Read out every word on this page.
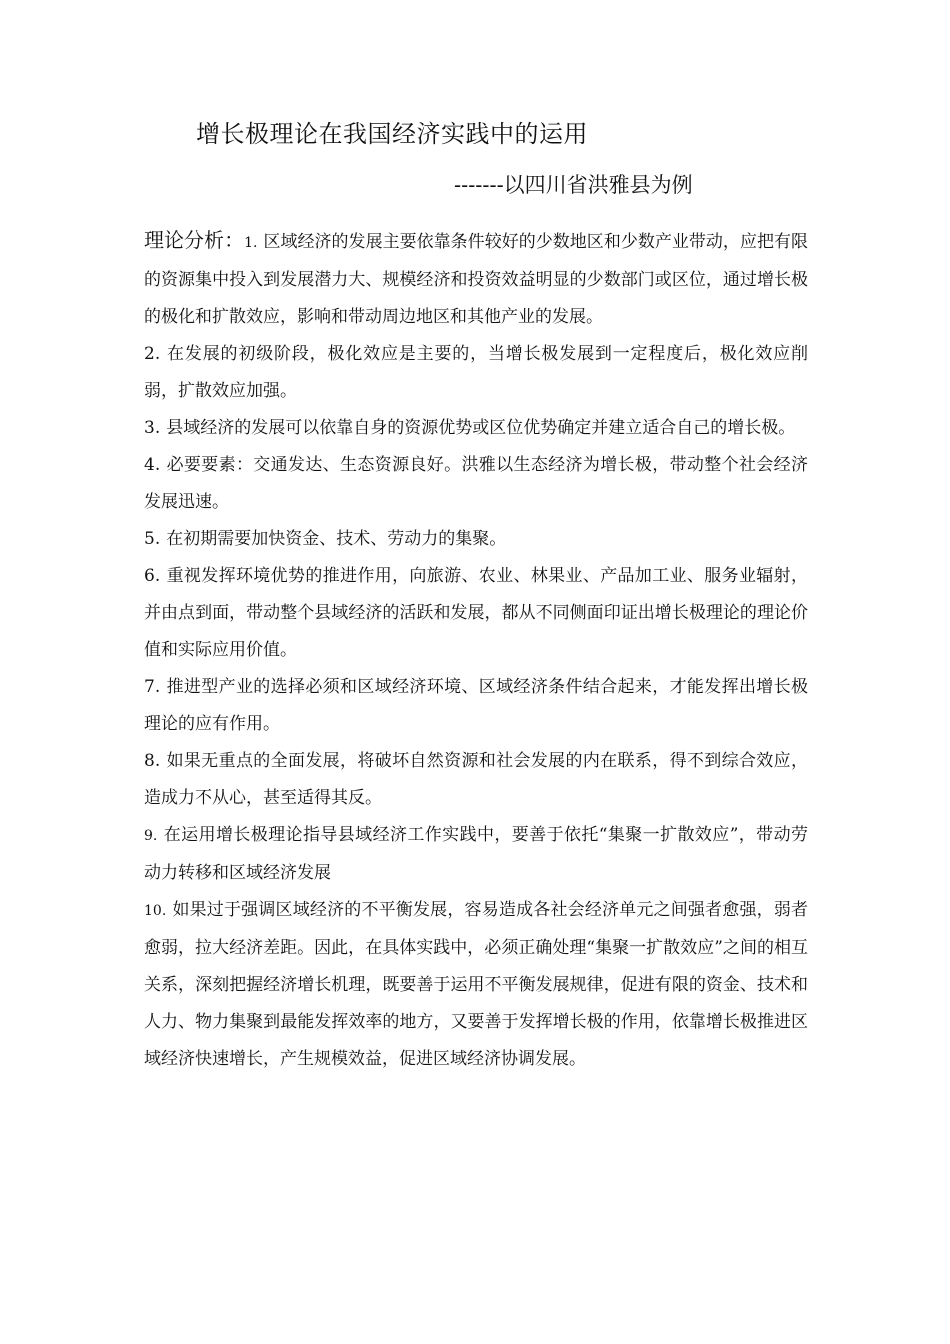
增长极理论在我国经济实践中的运用
-------以四川省洪雅县为例

理论分析：1. 区域经济的发展主要依靠条件较好的少数地区和少数产业带动，应把有限的资源集中投入到发展潜力大、规模经济和投资效益明显的少数部门或区位，通过增长极的极化和扩散效应，影响和带动周边地区和其他产业的发展。

2. 在发展的初级阶段，极化效应是主要的，当增长极发展到一定程度后，极化效应削弱，扩散效应加强。

3. 县域经济的发展可以依靠自身的资源优势或区位优势确定并建立适合自己的增长极。

4. 必要要素：交通发达、生态资源良好。洪雅以生态经济为增长极，带动整个社会经济发展迅速。

5. 在初期需要加快资金、技术、劳动力的集聚。

6. 重视发挥环境优势的推进作用，向旅游、农业、林果业、产品加工业、服务业辐射，并由点到面，带动整个县域经济的活跃和发展，都从不同侧面印证出增长极理论的理论价值和实际应用价值。

7. 推进型产业的选择必须和区域经济环境、区域经济条件结合起来，才能发挥出增长极理论的应有作用。

8. 如果无重点的全面发展，将破坏自然资源和社会发展的内在联系，得不到综合效应，造成力不从心，甚至适得其反。

9. 在运用增长极理论指导县域经济工作实践中，要善于依托“集聚一扩散效应”，带动劳动力转移和区域经济发展

10. 如果过于强调区域经济的不平衡发展，容易造成各社会经济单元之间强者愈强，弱者愈弱，拉大经济差距。因此，在具体实践中，必须正确处理“集聚一扩散效应”之间的相互关系，深刻把握经济增长机理，既要善于运用不平衡发展规律，促进有限的资金、技术和人力、物力集聚到最能发挥效率的地方，又要善于发挥增长极的作用，依靠增长极推进区域经济快速增长，产生规模效益，促进区域经济协调发展。
